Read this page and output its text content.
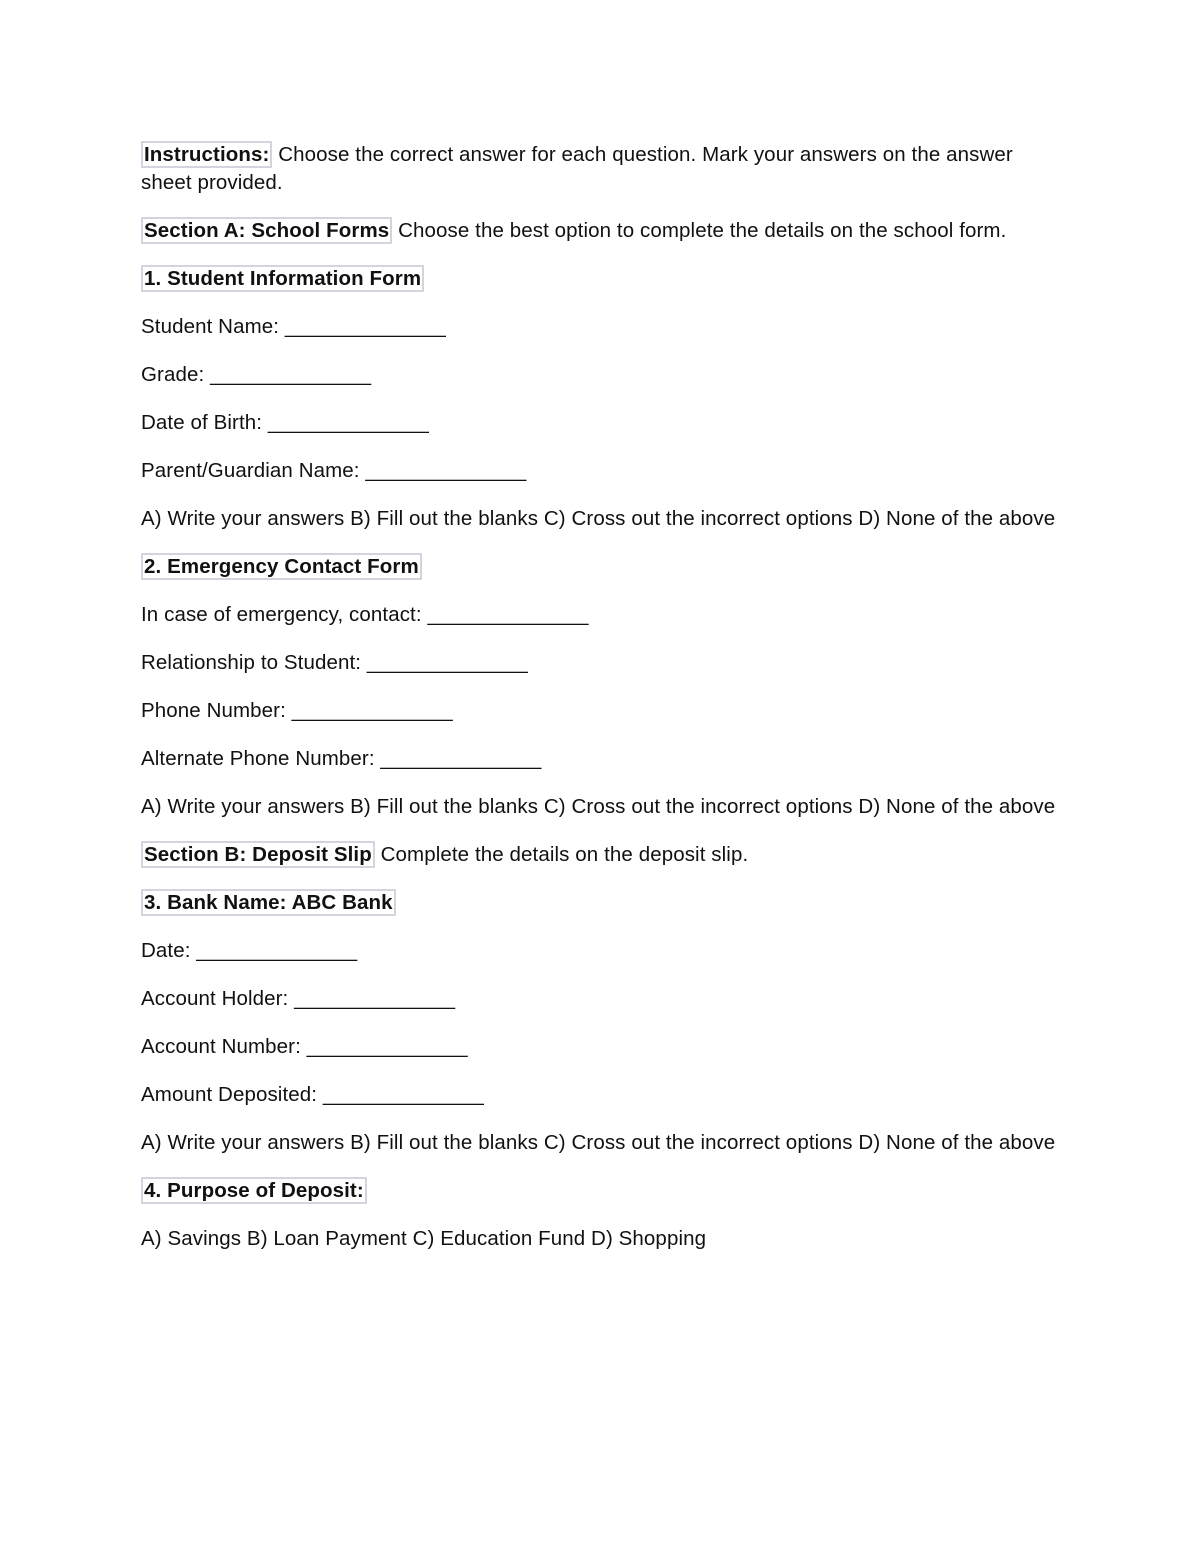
Instructions: Choose the correct answer for each question. Mark your answers on the answer sheet provided.

Section A: School Forms Choose the best option to complete the details on the school form.

1. Student Information Form

Student Name: ______________

Grade: ______________

Date of Birth: ______________

Parent/Guardian Name: ______________

A) Write your answers B) Fill out the blanks C) Cross out the incorrect options D) None of the above

2. Emergency Contact Form

In case of emergency, contact: ______________

Relationship to Student: ______________

Phone Number: ______________

Alternate Phone Number: ______________

A) Write your answers B) Fill out the blanks C) Cross out the incorrect options D) None of the above

Section B: Deposit Slip Complete the details on the deposit slip.

3. Bank Name: ABC Bank

Date: ______________

Account Holder: ______________

Account Number: ______________

Amount Deposited: ______________

A) Write your answers B) Fill out the blanks C) Cross out the incorrect options D) None of the above

4. Purpose of Deposit:

A) Savings B) Loan Payment C) Education Fund D) Shopping
